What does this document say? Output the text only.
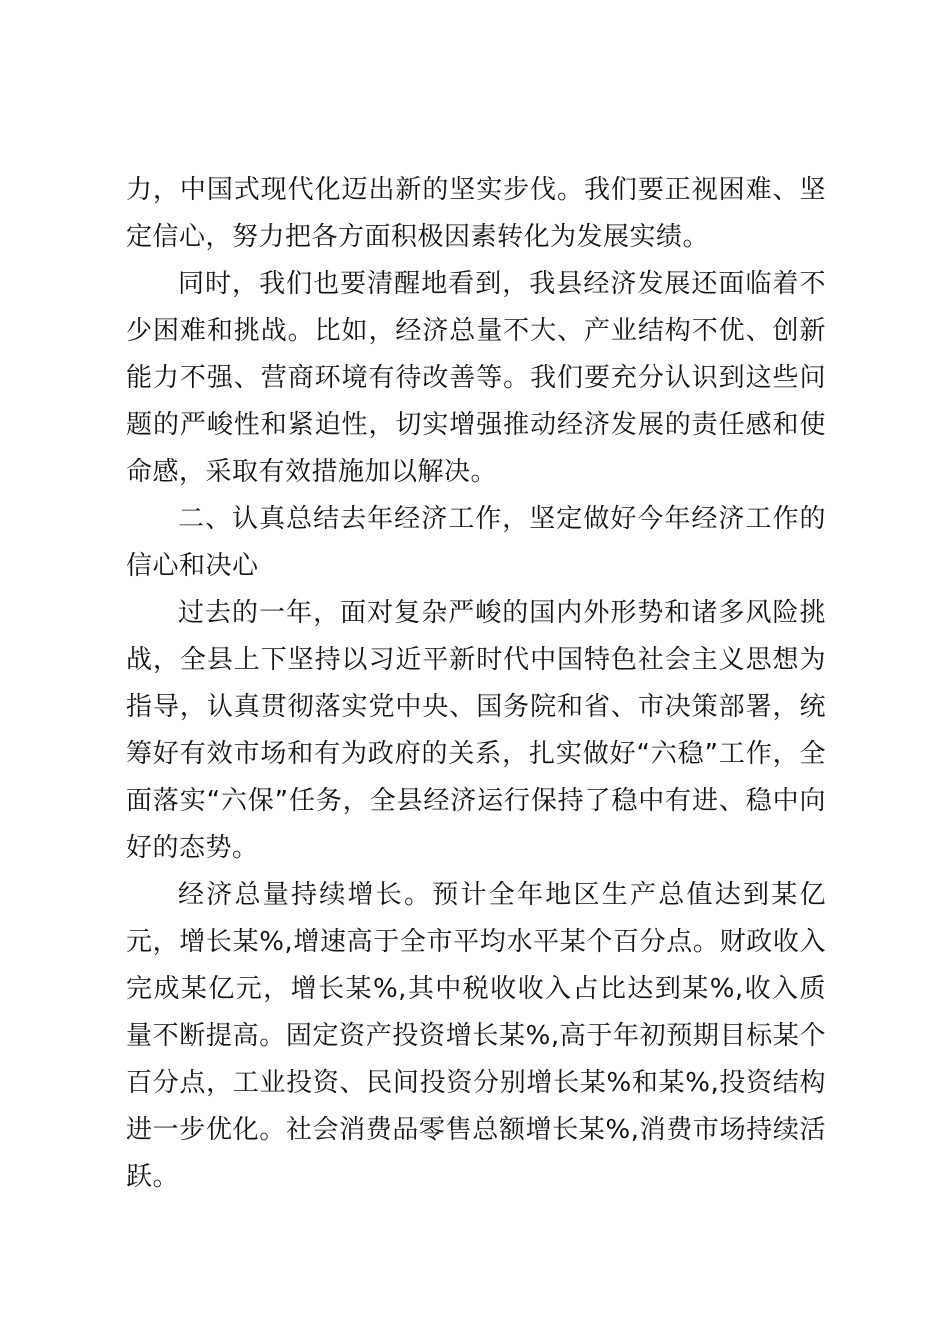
力，中国式现代化迈出新的坚实步伐。我们要正视困难、坚定信心，努力把各方面积极因素转化为发展实绩。

同时，我们也要清醒地看到，我县经济发展还面临着不少困难和挑战。比如，经济总量不大、产业结构不优、创新能力不强、营商环境有待改善等。我们要充分认识到这些问题的严峻性和紧迫性，切实增强推动经济发展的责任感和使命感，采取有效措施加以解决。

二、认真总结去年经济工作，坚定做好今年经济工作的信心和决心

过去的一年，面对复杂严峻的国内外形势和诸多风险挑战，全县上下坚持以习近平新时代中国特色社会主义思想为指导，认真贯彻落实党中央、国务院和省、市决策部署，统筹好有效市场和有为政府的关系，扎实做好“六稳”工作，全面落实“六保”任务，全县经济运行保持了稳中有进、稳中向好的态势。

经济总量持续增长。预计全年地区生产总值达到某亿元，增长某%,增速高于全市平均水平某个百分点。财政收入完成某亿元，增长某%,其中税收收入占比达到某%,收入质量不断提高。固定资产投资增长某%,高于年初预期目标某个百分点，工业投资、民间投资分别增长某%和某%,投资结构进一步优化。社会消费品零售总额增长某%,消费市场持续活跃。
